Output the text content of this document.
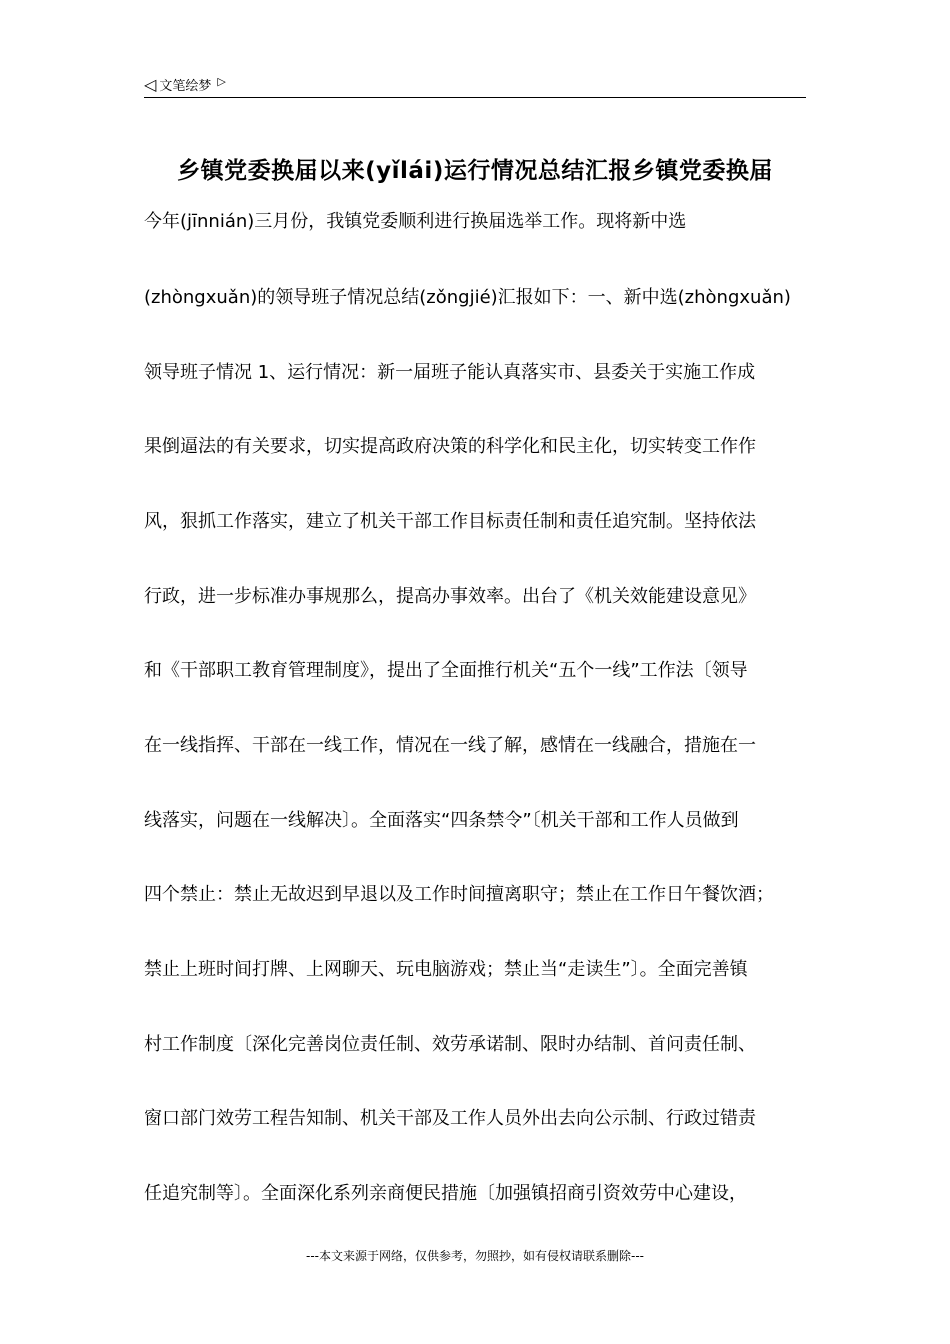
◁ 文笔绘梦 ▷
乡镇党委换届以来(yǐlái)运行情况总结汇报乡镇党委换届
今年(jīnnián)三月份，我镇党委顺利进行换届选举工作。现将新中选
(zhòngxuǎn)的领导班子情况总结(zǒngjié)汇报如下：一、新中选(zhòngxuǎn)
领导班子情况 1、运行情况：新一届班子能认真落实市、县委关于实施工作成
果倒逼法的有关要求，切实提高政府决策的科学化和民主化，切实转变工作作
风，狠抓工作落实，建立了机关干部工作目标责任制和责任追究制。坚持依法
行政，进一步标准办事规那么，提高办事效率。出台了《机关效能建设意见》
和《干部职工教育管理制度》，提出了全面推行机关“五个一线”工作法〔领导
在一线指挥、干部在一线工作，情况在一线了解，感情在一线融合，措施在一
线落实，问题在一线解决〕。全面落实“四条禁令”〔机关干部和工作人员做到
四个禁止：禁止无故迟到早退以及工作时间擅离职守；禁止在工作日午餐饮酒；
禁止上班时间打牌、上网聊天、玩电脑游戏；禁止当“走读生”〕。全面完善镇
村工作制度〔深化完善岗位责任制、效劳承诺制、限时办结制、首问责任制、
窗口部门效劳工程告知制、机关干部及工作人员外出去向公示制、行政过错责
任追究制等〕。全面深化系列亲商便民措施〔加强镇招商引资效劳中心建设，
---本文来源于网络，仅供参考，勿照抄，如有侵权请联系删除---
